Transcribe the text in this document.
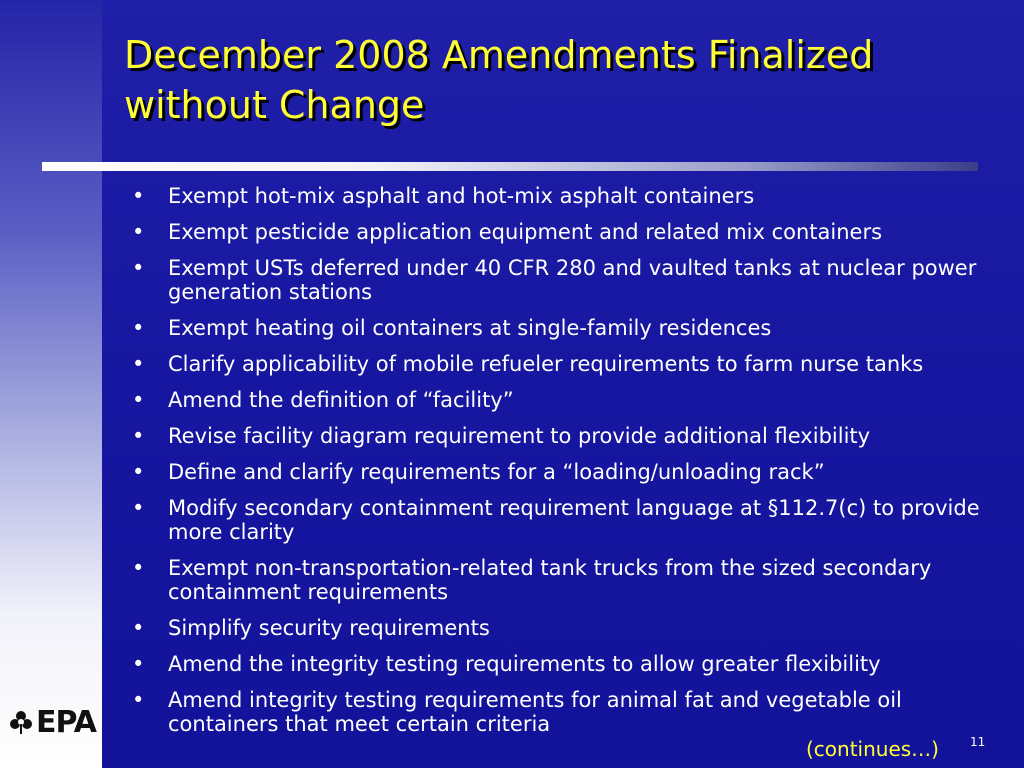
December 2008 Amendments Finalized
without Change
• Exempt hot-mix asphalt and hot-mix asphalt containers
• Exempt pesticide application equipment and related mix containers
• Exempt USTs deferred under 40 CFR 280 and vaulted tanks at nuclear power generation stations
• Exempt heating oil containers at single-family residences
• Clarify applicability of mobile refueler requirements to farm nurse tanks
• Amend the definition of “facility”
• Revise facility diagram requirement to provide additional flexibility
• Define and clarify requirements for a “loading/unloading rack”
• Modify secondary containment requirement language at §112.7(c) to provide more clarity
• Exempt non-transportation-related tank trucks from the sized secondary containment requirements
• Simplify security requirements
• Amend the integrity testing requirements to allow greater flexibility
• Amend integrity testing requirements for animal fat and vegetable oil containers that meet certain criteria
(continues…)	11
EPA
